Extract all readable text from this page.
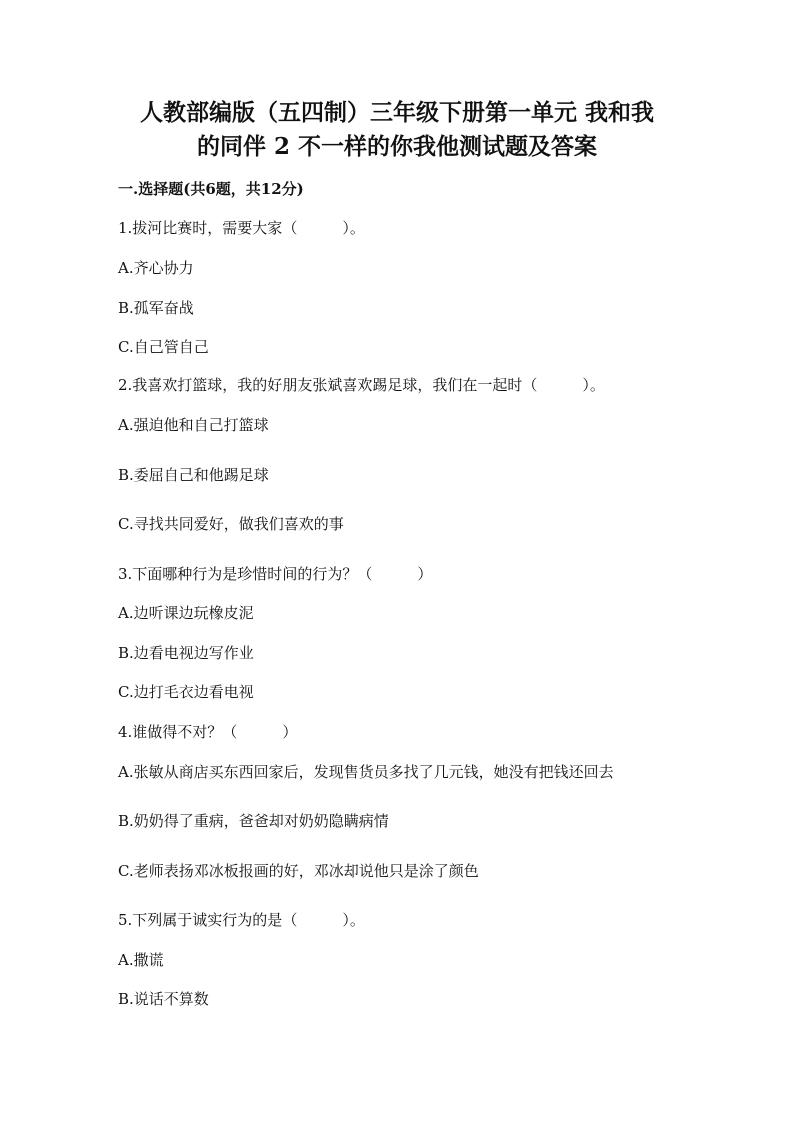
人教部编版（五四制）三年级下册第一单元 我和我
的同伴 2 不一样的你我他测试题及答案
一.选择题(共6题，共12分)
1.拔河比赛时，需要大家（　　　）。
A.齐心协力
B.孤军奋战
C.自己管自己
2.我喜欢打篮球，我的好朋友张斌喜欢踢足球，我们在一起时（　　　）。
A.强迫他和自己打篮球
B.委屈自己和他踢足球
C.寻找共同爱好，做我们喜欢的事
3.下面哪种行为是珍惜时间的行为？（　　　）
A.边听课边玩橡皮泥
B.边看电视边写作业
C.边打毛衣边看电视
4.谁做得不对？（　　　）
A.张敏从商店买东西回家后，发现售货员多找了几元钱，她没有把钱还回去
B.奶奶得了重病，爸爸却对奶奶隐瞒病情
C.老师表扬邓冰板报画的好，邓冰却说他只是涂了颜色
5.下列属于诚实行为的是（　　　）。
A.撒谎
B.说话不算数
